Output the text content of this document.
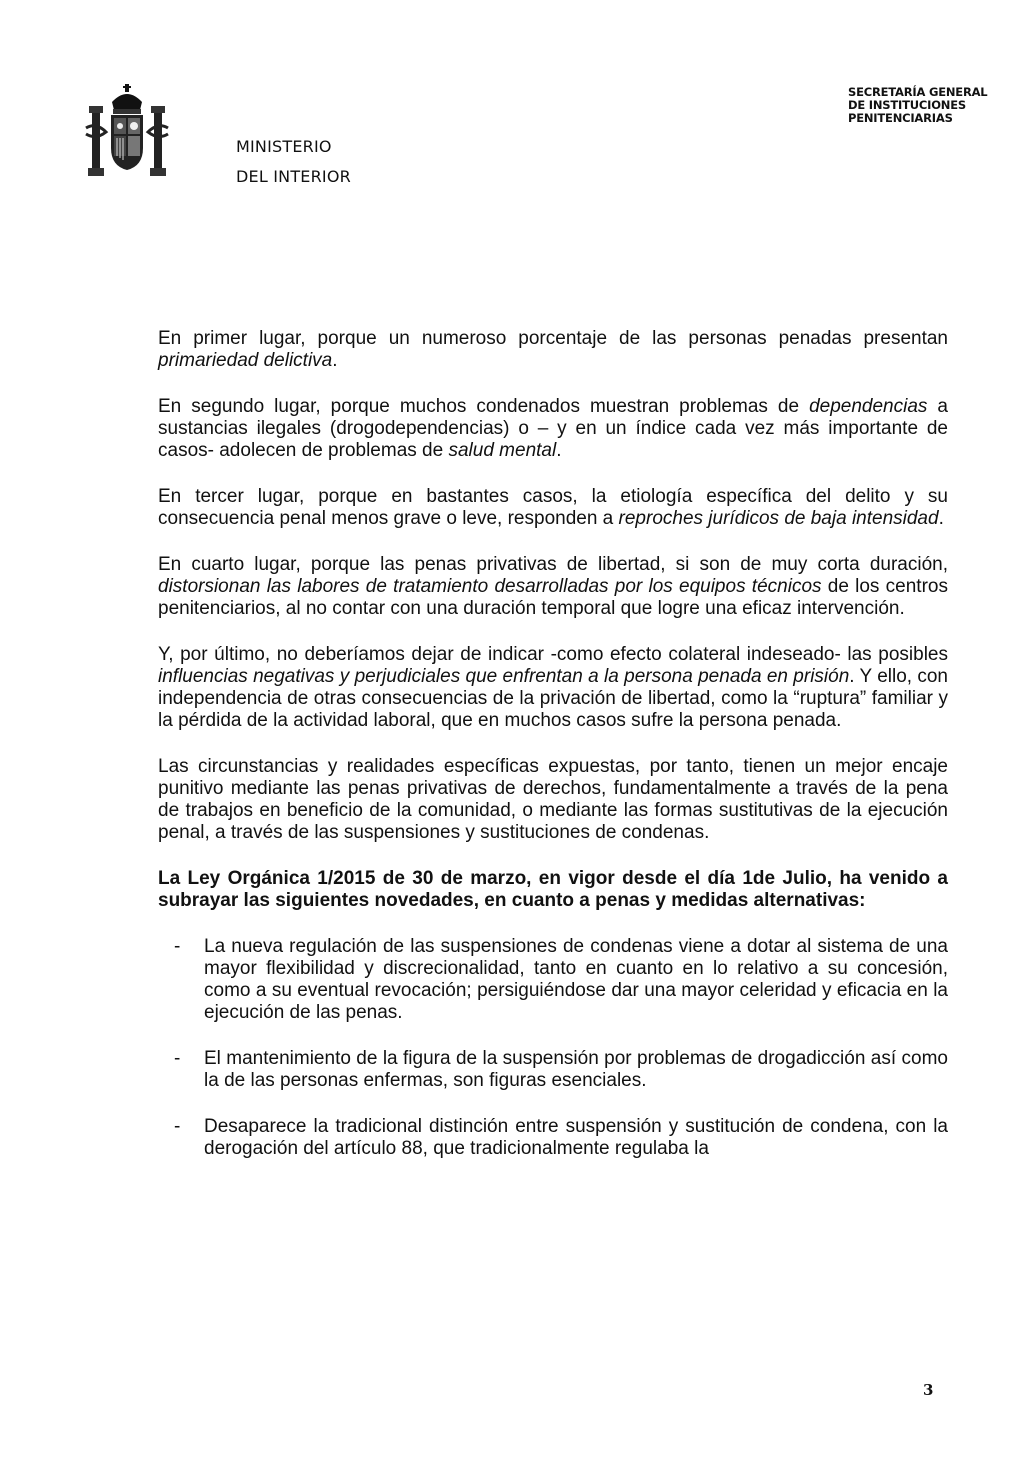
MINISTERIO
DEL INTERIOR
SECRETARÍA GENERAL
DE INSTITUCIONES
PENITENCIARIAS

En primer lugar, porque un numeroso porcentaje de las personas penadas presentan primariedad delictiva.

En segundo lugar, porque muchos condenados muestran problemas de dependencias a sustancias ilegales (drogodependencias) o – y en un índice cada vez más importante de casos- adolecen de problemas de salud mental.

En tercer lugar, porque en bastantes casos, la etiología específica del delito y su consecuencia penal menos grave o leve, responden a reproches jurídicos de baja intensidad.

En cuarto lugar, porque las penas privativas de libertad, si son de muy corta duración, distorsionan las labores de tratamiento desarrolladas por los equipos técnicos de los centros penitenciarios, al no contar con una duración temporal que logre una eficaz intervención.

Y, por último, no deberíamos dejar de indicar -como efecto colateral indeseado- las posibles influencias negativas y perjudiciales que enfrentan a la persona penada en prisión. Y ello, con independencia de otras consecuencias de la privación de libertad, como la “ruptura” familiar y la pérdida de la actividad laboral, que en muchos casos sufre la persona penada.

Las circunstancias y realidades específicas expuestas, por tanto, tienen un mejor encaje punitivo mediante las penas privativas de derechos, fundamentalmente a través de la pena de trabajos en beneficio de la comunidad, o mediante las formas sustitutivas de la ejecución penal, a través de las suspensiones y sustituciones de condenas.

La Ley Orgánica 1/2015 de 30 de marzo, en vigor desde el día 1de Julio, ha venido a subrayar las siguientes novedades, en cuanto a penas y medidas alternativas:

- La nueva regulación de las suspensiones de condenas viene a dotar al sistema de una mayor flexibilidad y discrecionalidad, tanto en cuanto en lo relativo a su concesión, como a su eventual revocación; persiguiéndose dar una mayor celeridad y eficacia en la ejecución de las penas.
- El mantenimiento de la figura de la suspensión por problemas de drogadicción así como la de las personas enfermas, son figuras esenciales.
- Desaparece la tradicional distinción entre suspensión y sustitución de condena, con la derogación del artículo 88, que tradicionalmente regulaba la
3
